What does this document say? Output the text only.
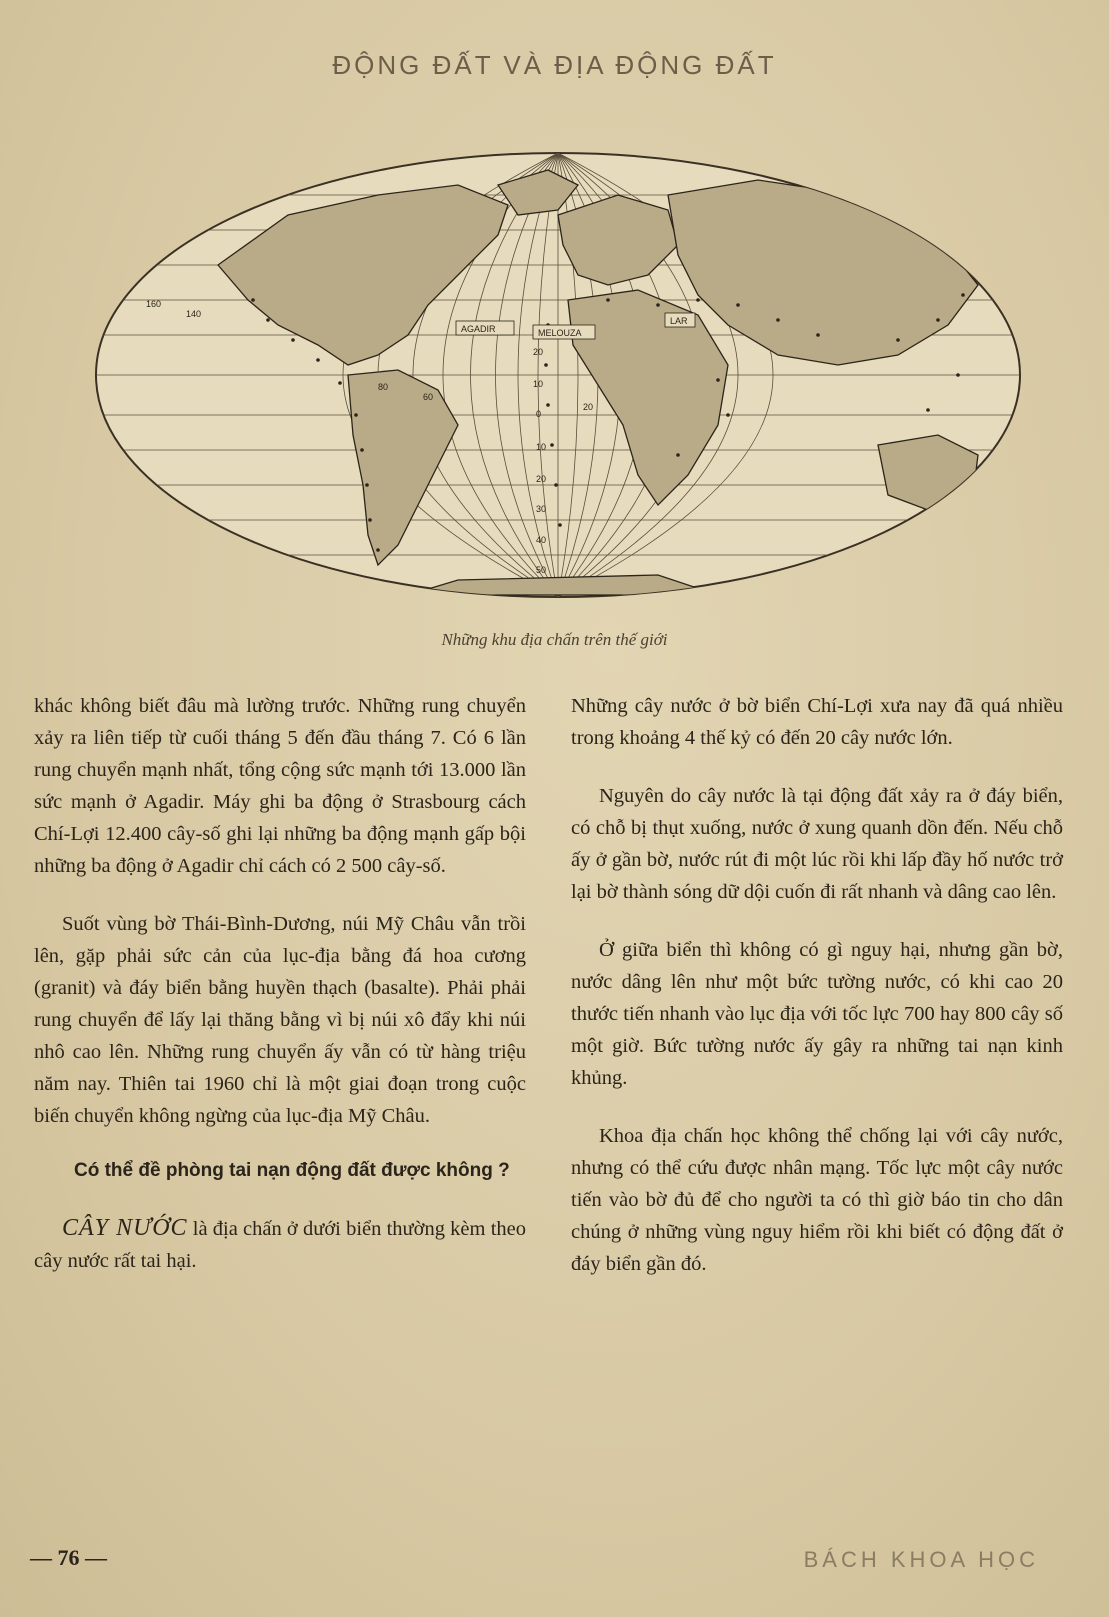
ĐỘNG ĐẤT VÀ ĐỊA ĐỘNG ĐẤT
AGADIR	MELOUZA
LAR
20
10
0
10
20
30
40
50
160
140
80
60
20
Những khu địa chấn trên thế giới

khác không biết đâu mà lường trước. Những rung chuyển xảy ra liên tiếp từ cuối tháng 5 đến đầu tháng 7. Có 6 lần rung chuyển mạnh nhất, tổng cộng sức mạnh tới 13.000 lần sức mạnh ở Agadir. Máy ghi ba động ở Strasbourg cách Chí-Lợi 12.400 cây-số ghi lại những ba động mạnh gấp bội những ba động ở Agadir chỉ cách có 2 500 cây-số.

Suốt vùng bờ Thái-Bình-Dương, núi Mỹ Châu vẫn trồi lên, gặp phải sức cản của lục-địa bằng đá hoa cương (granit) và đáy biển bằng huyền thạch (basalte). Phải phải rung chuyển để lấy lại thăng bằng vì bị núi xô đẩy khi núi nhô cao lên. Những rung chuyển ấy vẫn có từ hàng triệu năm nay. Thiên tai 1960 chỉ là một giai đoạn trong cuộc biến chuyển không ngừng của lục-địa Mỹ Châu.

Có thể đề phòng tai nạn động đất được không ?

CÂY NƯỚC là địa chấn ở dưới biển thường kèm theo cây nước rất tai hại.

Những cây nước ở bờ biển Chí-Lợi xưa nay đã quá nhiều trong khoảng 4 thế kỷ có đến 20 cây nước lớn.

Nguyên do cây nước là tại động đất xảy ra ở đáy biển, có chỗ bị thụt xuống, nước ở xung quanh dồn đến. Nếu chỗ ấy ở gần bờ, nước rút đi một lúc rồi khi lấp đầy hố nước trở lại bờ thành sóng dữ dội cuốn đi rất nhanh và dâng cao lên.

Ở giữa biển thì không có gì nguy hại, nhưng gần bờ, nước dâng lên như một bức tường nước, có khi cao 20 thước tiến nhanh vào lục địa với tốc lực 700 hay 800 cây số một giờ. Bức tường nước ấy gây ra những tai nạn kinh khủng.

Khoa địa chấn học không thể chống lại với cây nước, nhưng có thể cứu được nhân mạng. Tốc lực một cây nước tiến vào bờ đủ để cho người ta có thì giờ báo tin cho dân chúng ở những vùng nguy hiểm rồi khi biết có động đất ở đáy biển gần đó.

— 76 —	BÁCH KHOA HỌC
